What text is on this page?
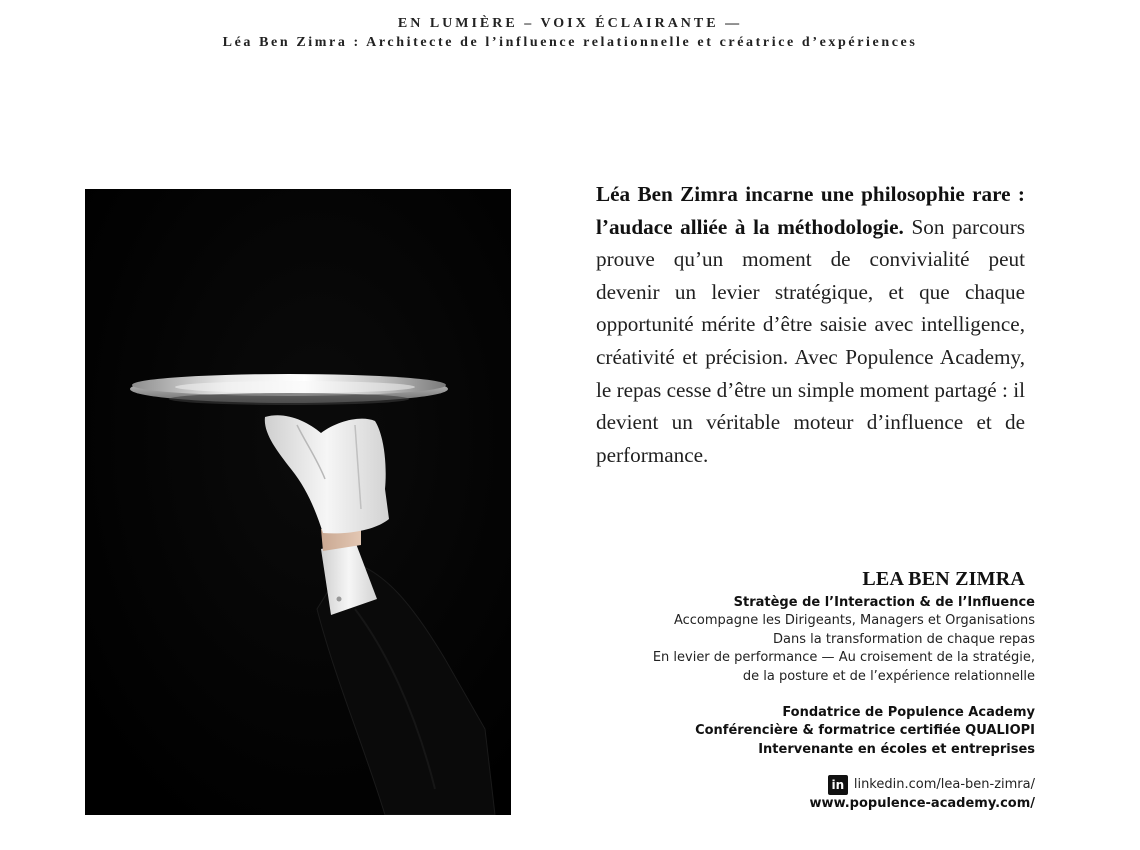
EN LUMIÈRE – VOIX ÉCLAIRANTE —
Léa Ben Zimra : Architecte de l’influence relationnelle et créatrice d’expériences
Léa Ben Zimra incarne une philosophie rare : l’audace alliée à la méthodologie. Son parcours prouve qu’un moment de convivialité peut devenir un levier stratégique, et que chaque opportunité mérite d’être saisie avec intelligence, créativité et précision. Avec Populence Academy, le repas cesse d’être un simple moment partagé : il devient un véritable moteur d’influence et de performance.
LEA BEN ZIMRA
Stratège de l’Interaction & de l’Influence
Accompagne les Dirigeants, Managers et Organisations
Dans la transformation de chaque repas
En levier de performance — Au croisement de la stratégie,
de la posture et de l’expérience relationnelle
Fondatrice de Populence Academy
Conférencière & formatrice certifiée QUALIOPI
Intervenante en écoles et entreprises
in linkedin.com/lea-ben-zimra/
www.populence-academy.com/
